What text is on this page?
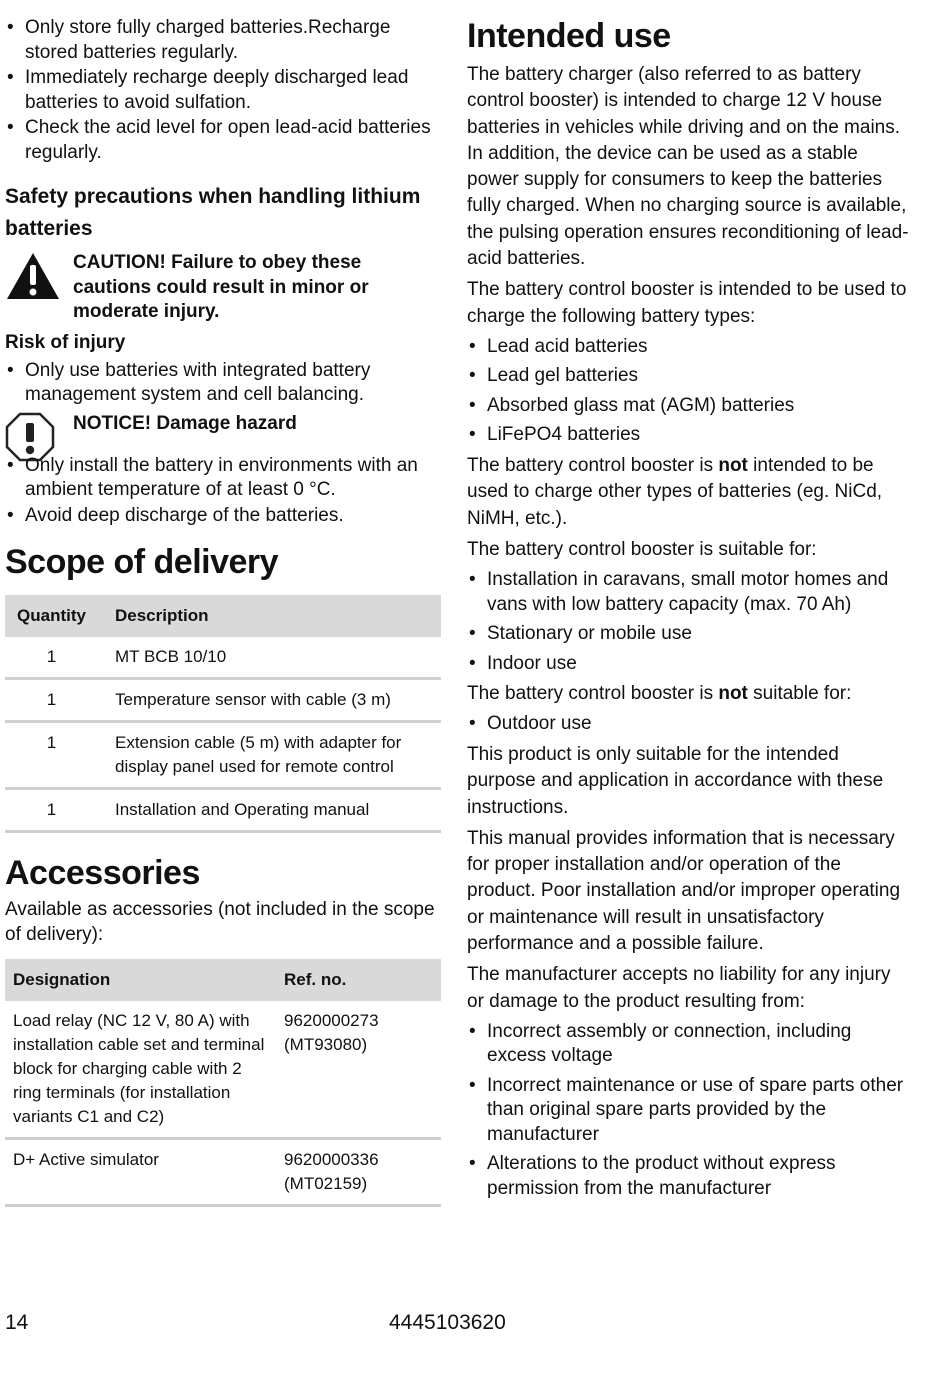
• Only store fully charged batteries.Recharge stored batteries regularly.
• Immediately recharge deeply discharged lead batteries to avoid sulfation.
• Check the acid level for open lead-acid batteries regularly.
Safety precautions when handling lithium batteries
CAUTION! Failure to obey these cautions could result in minor or moderate injury.
Risk of injury
• Only use batteries with integrated battery management system and cell balancing.
NOTICE! Damage hazard
• Only install the battery in environments with an ambient temperature of at least 0 °C.
• Avoid deep discharge of the batteries.
Scope of delivery
Quantity	Description
1	MT BCB 10/10
1	Temperature sensor with cable (3 m)
1	Extension cable (5 m) with adapter for display panel used for remote control
1	Installation and Operating manual
Accessories

Available as accessories (not included in the scope of delivery):

Designation	Ref. no.
Load relay (NC 12 V, 80 A) with installation cable set and terminal block for charging cable with 2 ring terminals (for installation variants C1 and C2)	9620000273 (MT93080)
D+ Active simulator	9620000336 (MT02159)
Intended use

The battery charger (also referred to as battery control booster) is intended to charge 12 V house batteries in vehicles while driving and on the mains. In addition, the device can be used as a stable power supply for consumers to keep the batteries fully charged. When no charging source is available, the pulsing operation ensures reconditioning of lead-acid batteries.

The battery control booster is intended to be used to charge the following battery types:

• Lead acid batteries
• Lead gel batteries
• Absorbed glass mat (AGM) batteries
• LiFePO4 batteries

The battery control booster is not intended to be used to charge other types of batteries (eg. NiCd, NiMH, etc.).

The battery control booster is suitable for:

• Installation in caravans, small motor homes and vans with low battery capacity (max. 70 Ah)
• Stationary or mobile use
• Indoor use

The battery control booster is not suitable for:

• Outdoor use

This product is only suitable for the intended purpose and application in accordance with these instructions.

This manual provides information that is necessary for proper installation and/or operation of the product. Poor installation and/or improper operating or maintenance will result in unsatisfactory performance and a possible failure.

The manufacturer accepts no liability for any injury or damage to the product resulting from:

• Incorrect assembly or connection, including excess voltage
• Incorrect maintenance or use of spare parts other than original spare parts provided by the manufacturer
• Alterations to the product without express permission from the manufacturer
14	4445103620
